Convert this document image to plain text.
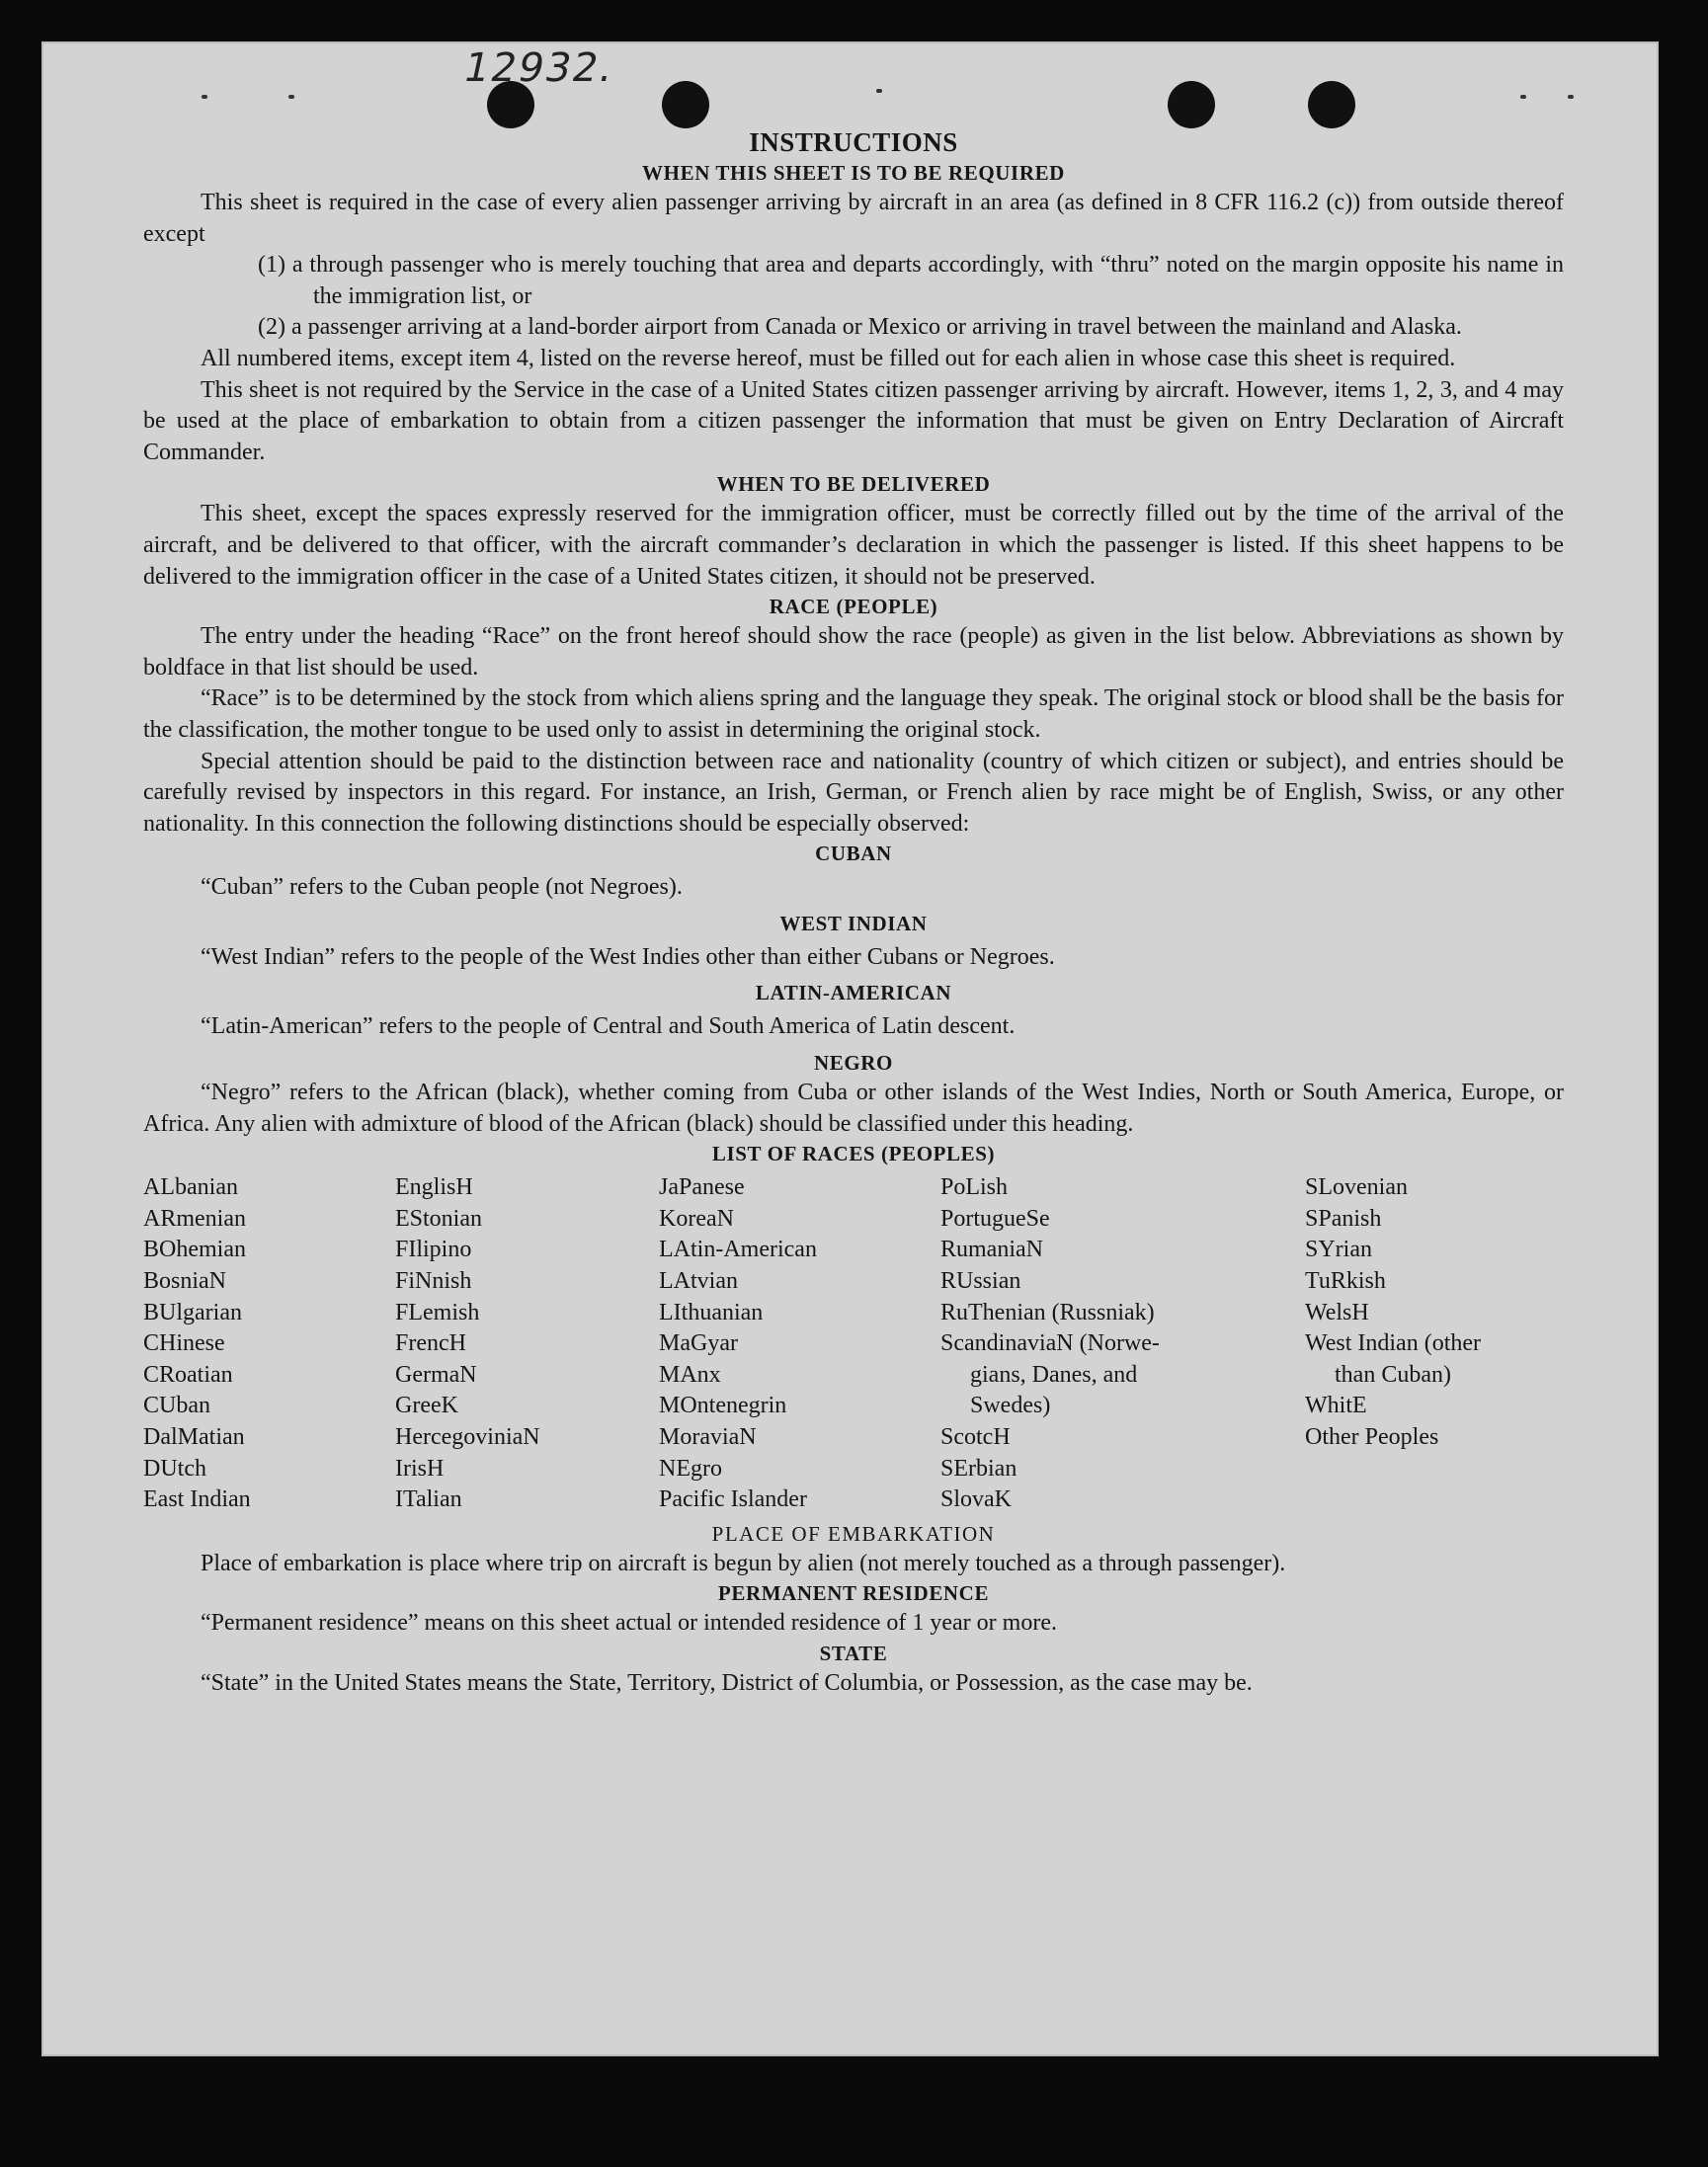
12932.
INSTRUCTIONS
WHEN THIS SHEET IS TO BE REQUIRED

This sheet is required in the case of every alien passenger arriving by aircraft in an area (as defined in 8 CFR 116.2 (c)) from outside thereof except

(1) a through passenger who is merely touching that area and departs accordingly, with “thru” noted on the margin opposite his name in the immigration list, or

(2) a passenger arriving at a land-border airport from Canada or Mexico or arriving in travel between the mainland and Alaska.

All numbered items, except item 4, listed on the reverse hereof, must be filled out for each alien in whose case this sheet is required.

This sheet is not required by the Service in the case of a United States citizen passenger arriving by aircraft. However, items 1, 2, 3, and 4 may be used at the place of embarkation to obtain from a citizen passenger the information that must be given on Entry Declaration of Aircraft Commander.

WHEN TO BE DELIVERED

This sheet, except the spaces expressly reserved for the immigration officer, must be correctly filled out by the time of the arrival of the aircraft, and be delivered to that officer, with the aircraft commander’s declaration in which the passenger is listed. If this sheet happens to be delivered to the immigration officer in the case of a United States citizen, it should not be preserved.

RACE (PEOPLE)

The entry under the heading “Race” on the front hereof should show the race (people) as given in the list below. Abbreviations as shown by boldface in that list should be used.

“Race” is to be determined by the stock from which aliens spring and the language they speak. The original stock or blood shall be the basis for the classification, the mother tongue to be used only to assist in determining the original stock.

Special attention should be paid to the distinction between race and nationality (country of which citizen or subject), and entries should be carefully revised by inspectors in this regard. For instance, an Irish, German, or French alien by race might be of English, Swiss, or any other nationality. In this connection the following distinctions should be especially observed:

CUBAN

“Cuban” refers to the Cuban people (not Negroes).

WEST INDIAN

“West Indian” refers to the people of the West Indies other than either Cubans or Negroes.

LATIN-AMERICAN

“Latin-American” refers to the people of Central and South America of Latin descent.

NEGRO

“Negro” refers to the African (black), whether coming from Cuba or other islands of the West Indies, North or South America, Europe, or Africa. Any alien with admixture of blood of the African (black) should be classified under this heading.

LIST OF RACES (PEOPLES)
ALbanian
ARmenian
BOhemian
BosniaN
BUlgarian
CHinese
CRoatian
CUban
DalMatian
DUtch
East Indian
EnglisH
EStonian
FIlipino
FiNnish
FLemish
FrencH
GermaN
GreeK
HercegoviniaN
IrisH
ITalian
JaPanese
KoreaN
LAtin-American
LAtvian
LIthuanian
MaGyar
MAnx
MOntenegrin
MoraviaN
NEgro
Pacific Islander
PoLish
PortugueSe
RumaniaN
RUssian
RuThenian (Russniak)
ScandinaviaN (Norwe-
gians, Danes, and
Swedes)
ScotcH
SErbian
SlovaK
SLovenian
SPanish
SYrian
TuRkish
WelsH
West Indian (other
than Cuban)
WhitE
Other Peoples
PLACE OF EMBARKATION

Place of embarkation is place where trip on aircraft is begun by alien (not merely touched as a through passenger).

PERMANENT RESIDENCE

“Permanent residence” means on this sheet actual or intended residence of 1 year or more.

STATE

“State” in the United States means the State, Territory, District of Columbia, or Possession, as the case may be.
